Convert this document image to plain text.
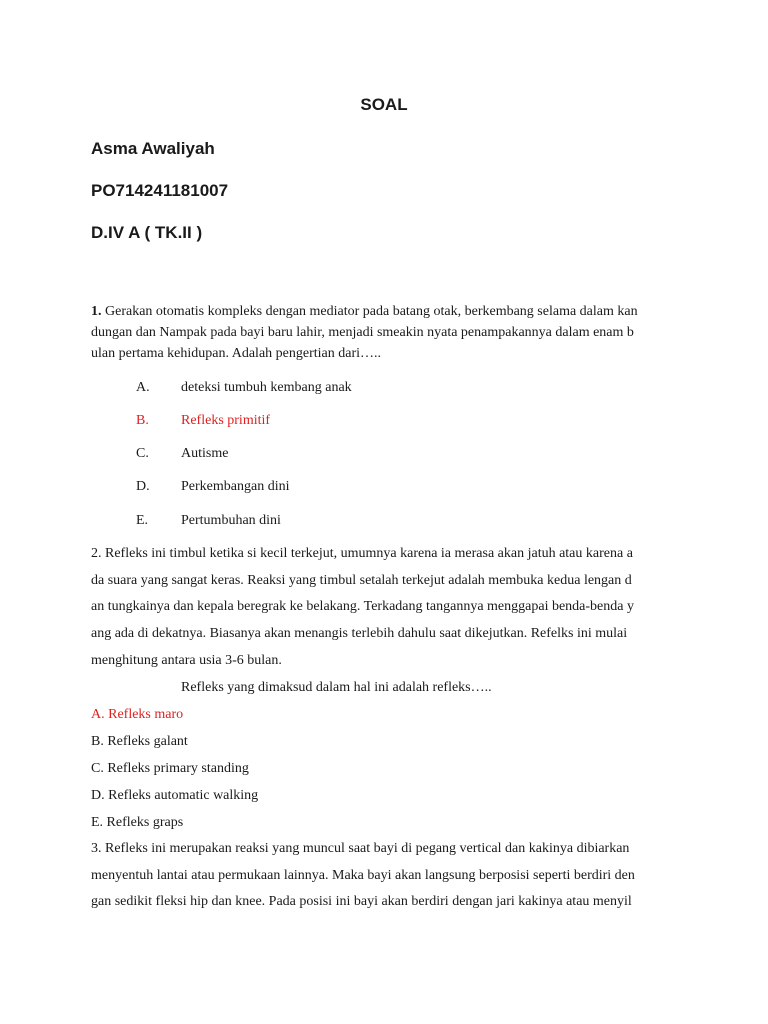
SOAL
Asma Awaliyah
PO714241181007
D.IV A ( TK.II )
1. Gerakan otomatis kompleks dengan mediator pada batang otak, berkembang selama dalam kan
dungan dan Nampak pada bayi baru lahir, menjadi smeakin nyata penampakannya dalam enam b
ulan pertama kehidupan. Adalah pengertian dari…..
A. deteksi tumbuh kembang anak
B. Refleks primitif
C. Autisme
D. Perkembangan dini
E. Pertumbuhan dini
2. Refleks ini timbul ketika si kecil terkejut, umumnya karena ia merasa akan jatuh atau karena a
da suara yang sangat keras. Reaksi yang timbul setalah terkejut adalah membuka kedua lengan d
an tungkainya dan kepala beregrak ke belakang. Terkadang tangannya menggapai benda-benda y
ang ada di dekatnya. Biasanya akan menangis terlebih dahulu saat dikejutkan. Refelks ini mulai
menghitung antara usia 3-6 bulan.
Refleks yang dimaksud dalam hal ini adalah refleks…..
A. Refleks maro
B. Refleks galant
C. Refleks primary standing
D. Refleks automatic walking
E. Refleks graps
3. Refleks ini merupakan reaksi yang muncul saat bayi di pegang vertical dan kakinya dibiarkan
menyentuh lantai atau permukaan lainnya. Maka bayi akan langsung berposisi seperti berdiri den
gan sedikit fleksi hip dan knee. Pada posisi ini bayi akan berdiri dengan jari kakinya atau menyil
